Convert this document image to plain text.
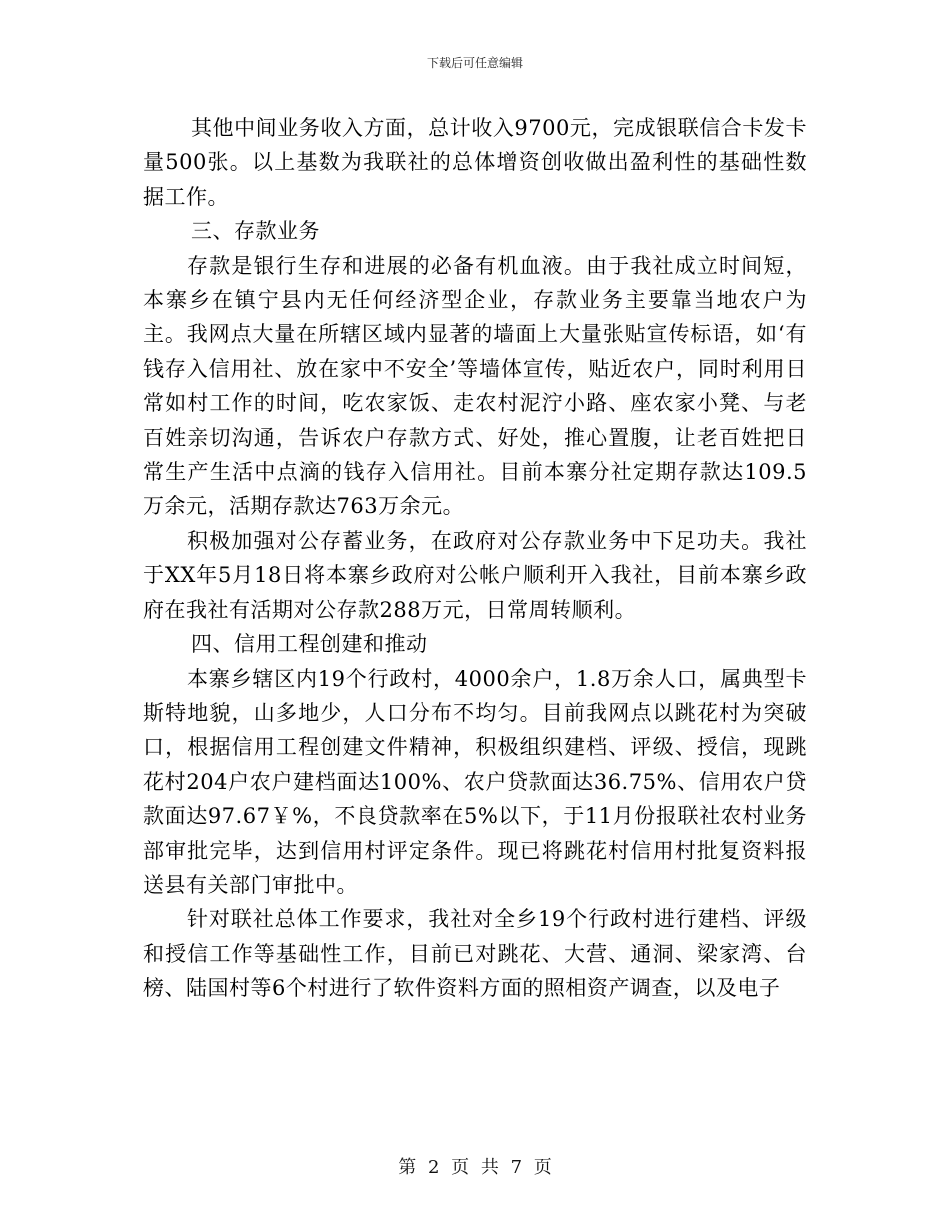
下载后可任意编辑

其他中间业务收入方面，总计收入9700元，完成银联信合卡发卡量500张。以上基数为我联社的总体增资创收做出盈利性的基础性数据工作。

三、存款业务

存款是银行生存和进展的必备有机血液。由于我社成立时间短，本寨乡在镇宁县内无任何经济型企业，存款业务主要靠当地农户为主。我网点大量在所辖区域内显著的墙面上大量张贴宣传标语，如‘有钱存入信用社、放在家中不安全’等墙体宣传，贴近农户，同时利用日常如村工作的时间，吃农家饭、走农村泥泞小路、座农家小凳、与老百姓亲切沟通，告诉农户存款方式、好处，推心置腹，让老百姓把日常生产生活中点滴的钱存入信用社。目前本寨分社定期存款达109.5万余元，活期存款达763万余元。

积极加强对公存蓄业务，在政府对公存款业务中下足功夫。我社于XX年5月18日将本寨乡政府对公帐户顺利开入我社，目前本寨乡政府在我社有活期对公存款288万元，日常周转顺利。

四、信用工程创建和推动

本寨乡辖区内19个行政村，4000余户，1.8万余人口，属典型卡斯特地貌，山多地少，人口分布不均匀。目前我网点以跳花村为突破口，根据信用工程创建文件精神，积极组织建档、评级、授信，现跳花村204户农户建档面达100%、农户贷款面达36.75%、信用农户贷款面达97.67￥%，不良贷款率在5%以下，于11月份报联社农村业务部审批完毕，达到信用村评定条件。现已将跳花村信用村批复资料报送县有关部门审批中。

针对联社总体工作要求，我社对全乡19个行政村进行建档、评级和授信工作等基础性工作，目前已对跳花、大营、通洞、梁家湾、台榜、陆国村等6个村进行了软件资料方面的照相资产调查，以及电子

第 2 页 共 7 页
